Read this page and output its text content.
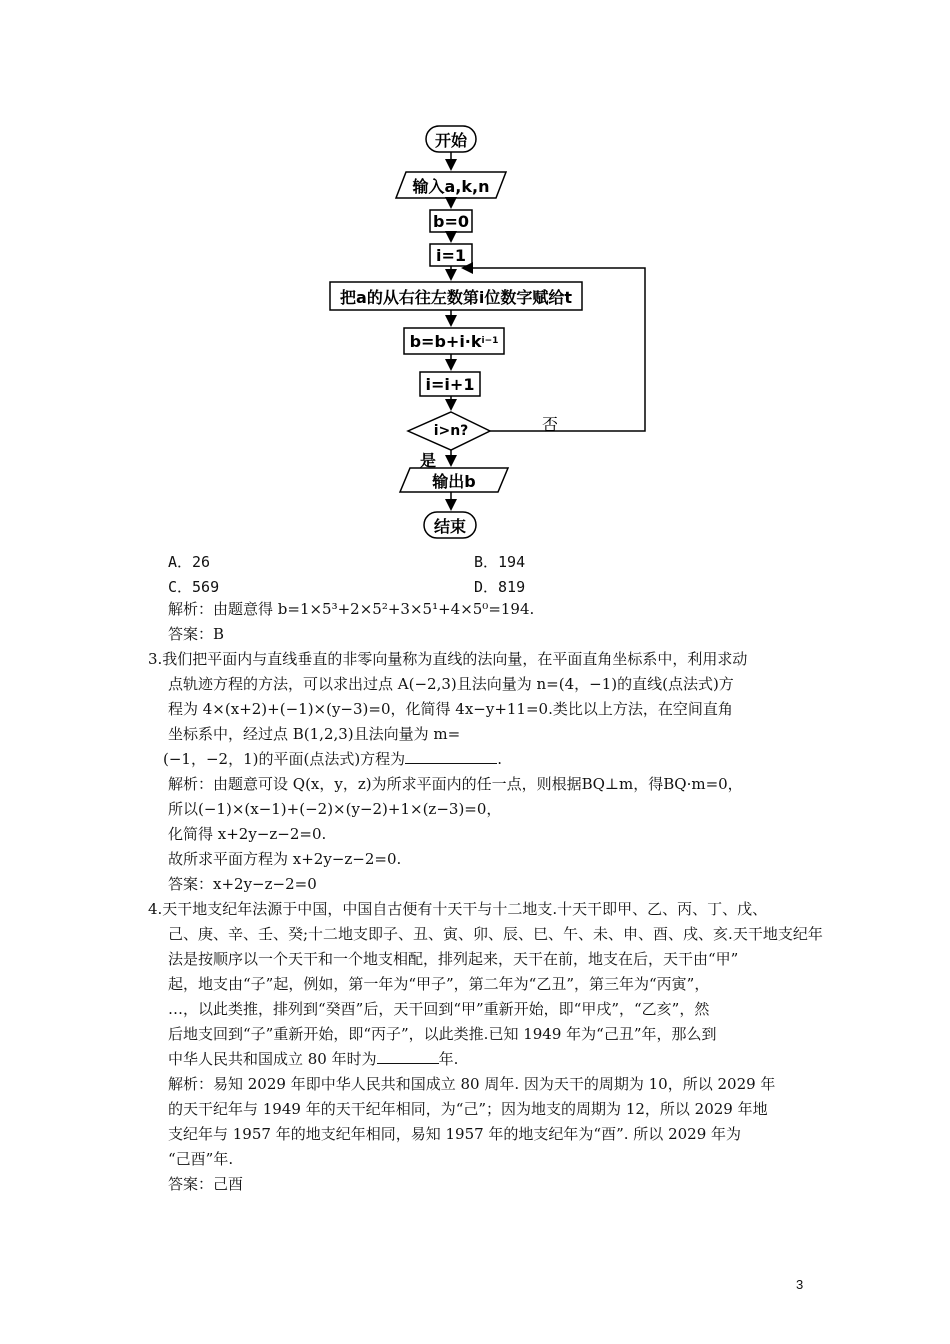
开始
输入a,k,n
b=0
i=1
把a的从右往左数第i位数字赋给t
b=b+i·k i−1
i=i+1
i>n?	否
是
输出b
结束
A．26	B．194
C．569	D．819
解析：由题意得 b=1×5³+2×5²+3×5¹+4×5⁰=194.
答案：B
3.我们把平面内与直线垂直的非零向量称为直线的法向量，在平面直角坐标系中，利用求动
点轨迹方程的方法，可以求出过点 A(−2,3)且法向量为 n=(4，−1)的直线(点法式)方
程为 4×(x+2)+(−1)×(y−3)=0，化简得 4x−y+11=0.类比以上方法，在空间直角
坐标系中，经过点 B(1,2,3)且法向量为 m=
(−1，−2，1)的平面(点法式)方程为	.
解析：由题意可设 Q(x，y，z)为所求平面内的任一点，则根据BQ⊥m，得BQ·m=0，
所以(−1)×(x−1)+(−2)×(y−2)+1×(z−3)=0，
化简得 x+2y−z−2=0.
故所求平面方程为 x+2y−z−2=0.
答案：x+2y−z−2=0
4.天干地支纪年法源于中国，中国自古便有十天干与十二地支.十天干即甲、乙、丙、丁、戊、
己、庚、辛、壬、癸;十二地支即子、丑、寅、卯、辰、巳、午、未、申、酉、戌、亥.天干地支纪年
法是按顺序以一个天干和一个地支相配，排列起来，天干在前，地支在后，天干由“甲”
起，地支由“子”起，例如，第一年为“甲子”，第二年为“乙丑”，第三年为“丙寅”，
…，以此类推，排列到“癸酉”后，天干回到“甲”重新开始，即“甲戌”，“乙亥”，然
后地支回到“子”重新开始，即“丙子”，以此类推.已知 1949 年为“己丑”年，那么到
中华人民共和国成立 80 年时为	年.
解析：易知 2029 年即中华人民共和国成立 80 周年. 因为天干的周期为 10，所以 2029 年
的天干纪年与 1949 年的天干纪年相同，为“己”；因为地支的周期为 12，所以 2029 年地
支纪年与 1957 年的地支纪年相同，易知 1957 年的地支纪年为“酉”. 所以 2029 年为
“己酉”年.
答案：己酉
3
